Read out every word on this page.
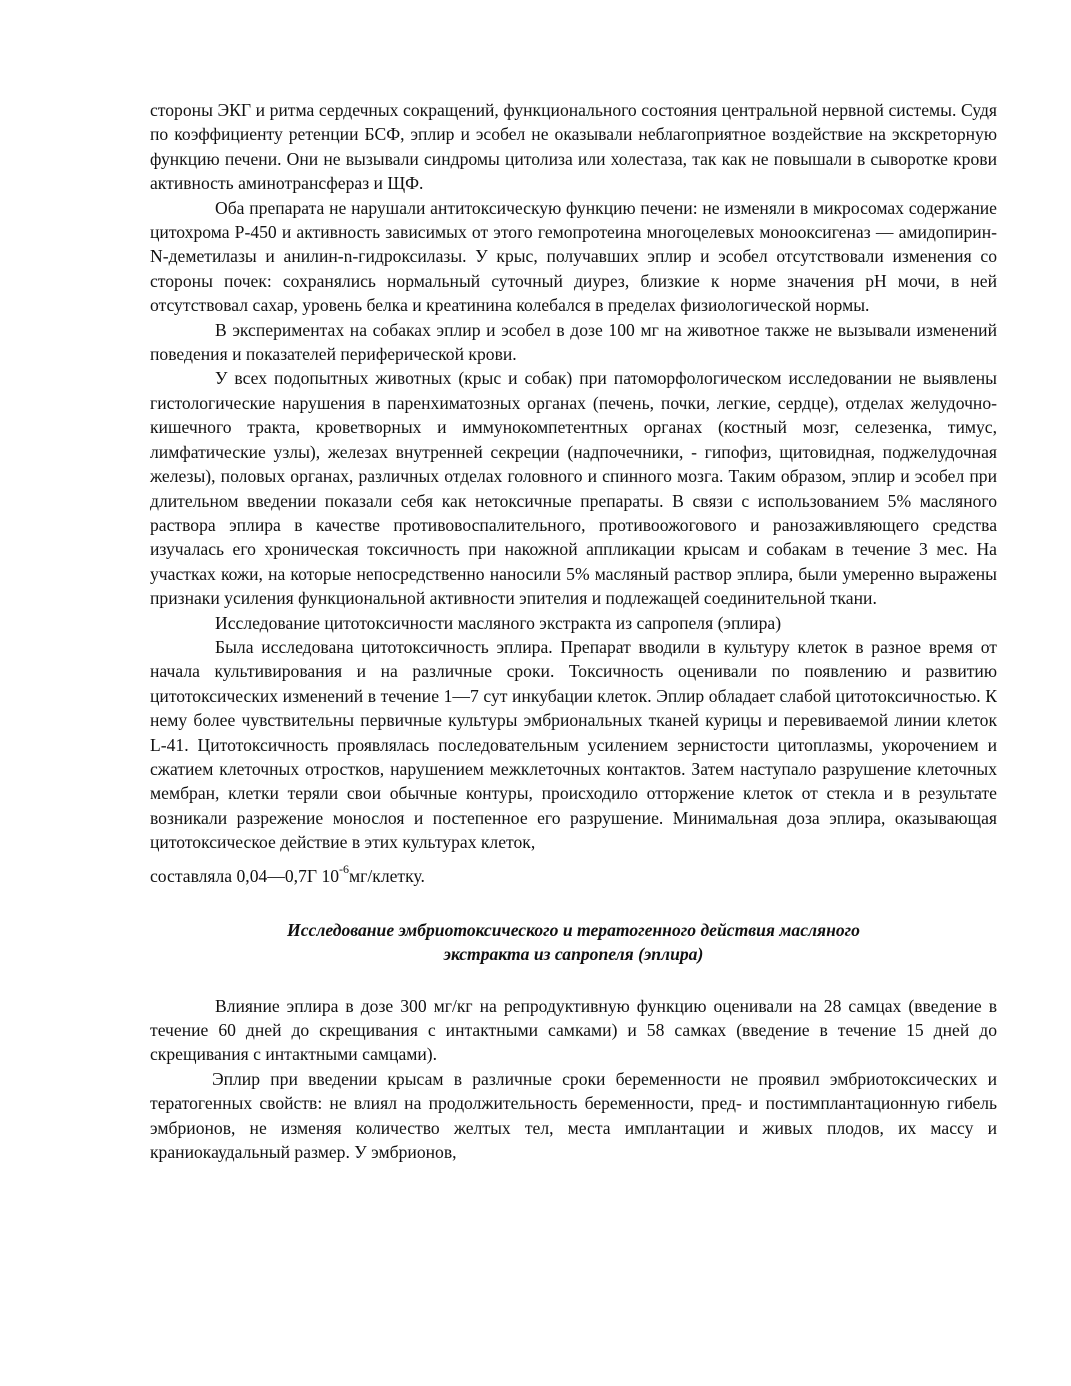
стороны ЭКГ и ритма сердечных сокращений, функционального состояния центральной нервной системы. Судя по коэффициенту ретенции БСФ, эплир и эсобел не оказывали неблагоприятное воздействие на экскреторную функцию печени. Они не вызывали синдромы цитолиза или холестаза, так как не повышали в сыворотке крови активность аминотрансфераз и ЩФ.

Оба препарата не нарушали антитоксическую функцию печени: не изменяли в микросомах содержание цитохрома Р-450 и активность зависимых от этого гемопротеина многоцелевых монооксигеназ — амидопирин-N-деметилазы и анилин-n-гидроксилазы. У крыс, получавших эплир и эсобел отсутствовали изменения со стороны почек: сохранялись нормальный суточный диурез, близкие к норме значения рН мочи, в ней отсутствовал сахар, уровень белка и креатинина колебался в пределах физиологической нормы.

В экспериментах на собаках эплир и эсобел в дозе 100 мг на животное также не вызывали изменений поведения и показателей периферической крови.

У всех подопытных животных (крыс и собак) при патоморфологическом исследовании не выявлены гистологические нарушения в паренхиматозных органах (печень, почки, легкие, сердце), отделах желудочно-кишечного тракта, кроветворных и иммунокомпетентных органах (костный мозг, селезенка, тимус, лимфатические узлы), железах внутренней секреции (надпочечники, - гипофиз, щитовидная, поджелудочная железы), половых органах, различных отделах головного и спинного мозга. Таким образом, эплир и эсобел при длительном введении показали себя как нетоксичные препараты. В связи с использованием 5% масляного раствора эплира в качестве противовоспалительного, противоожогового и ранозаживляющего средства изучалась его хроническая токсичность при накожной аппликации крысам и собакам в течение 3 мес. На участках кожи, на которые непосредственно наносили 5% масляный раствор эплира, были умеренно выражены признаки усиления функциональной активности эпителия и подлежащей соединительной ткани.

Исследование цитотоксичности масляного экстракта из сапропеля (эплира)

Была исследована цитотоксичность эплира. Препарат вводили в культуру клеток в разное время от начала культивирования и на различные сроки. Токсичность оценивали по появлению и развитию цитотоксических изменений в течение 1—7 сут инкубации клеток. Эплир обладает слабой цитотоксичностью. К нему более чувствительны первичные культуры эмбриональных тканей курицы и перевиваемой линии клеток L-41. Цитотоксичность проявлялась последовательным усилением зернистости цитоплазмы, укорочением и сжатием клеточных отростков, нарушением межклеточных контактов. Затем наступало разрушение клеточных мембран, клетки теряли свои обычные контуры, происходило отторжение клеток от стекла и в результате возникали разрежение монослоя и постепенное его разрушение. Минимальная доза эплира, оказывающая цитотоксическое действие в этих культурах клеток,

составляла 0,04—0,7Г $10^{-6}мг$/клетку.

Исследование эмбриотоксического и тератогенного действия масляного
экстракта из сапропеля (эплира)

Влияние эплира в дозе 300 мг/кг на репродуктивную функцию оценивали на 28 самцах (введение в течение 60 дней до скрещивания с интактными самками) и 58 самках (введение в течение 15 дней до скрещивания с интактными самцами).

Эплир при введении крысам в различные сроки беременности не проявил эмбриотоксических и тератогенных свойств: не влиял на продолжительность беременности, пред- и постимплантационную гибель эмбрионов, не изменяя количество желтых тел, места имплантации и живых плодов, их массу и краниокаудальный размер. У эмбрионов,
